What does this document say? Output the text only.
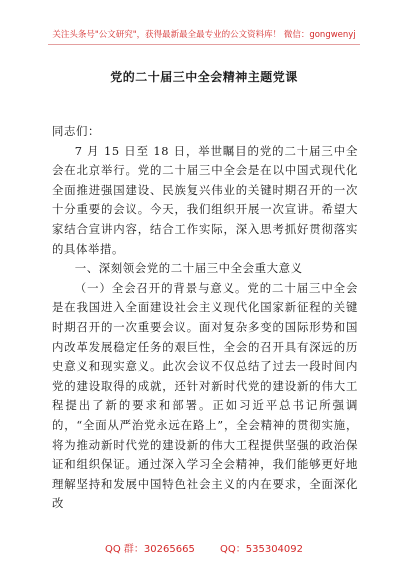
关注头条号"公文研究"，获得最新最全最专业的公文资料库！ 微信：gongwenyj
党的二十届三中全会精神主题党课

同志们：

7 月 15 日至 18 日，举世瞩目的党的二十届三中全会在北京举行。党的二十届三中全会是在以中国式现代化全面推进强国建设、民族复兴伟业的关键时期召开的一次十分重要的会议。今天，我们组织开展一次宣讲。希望大家结合宣讲内容，结合工作实际，深入思考抓好贯彻落实的具体举措。

一、深刻领会党的二十届三中全会重大意义

（一）全会召开的背景与意义。党的二十届三中全会是在我国进入全面建设社会主义现代化国家新征程的关键时期召开的一次重要会议。面对复杂多变的国际形势和国内改革发展稳定任务的艰巨性，全会的召开具有深远的历史意义和现实意义。此次会议不仅总结了过去一段时间内党的建设取得的成就，还针对新时代党的建设新的伟大工程提出了新的要求和部署。正如习近平总书记所强调的，“全面从严治党永远在路上”，全会精神的贯彻实施，将为推动新时代党的建设新的伟大工程提供坚强的政治保证和组织保证。通过深入学习全会精神，我们能够更好地理解坚持和发展中国特色社会主义的内在要求，全面深化改

QQ 群：30265665	QQ：535304092
